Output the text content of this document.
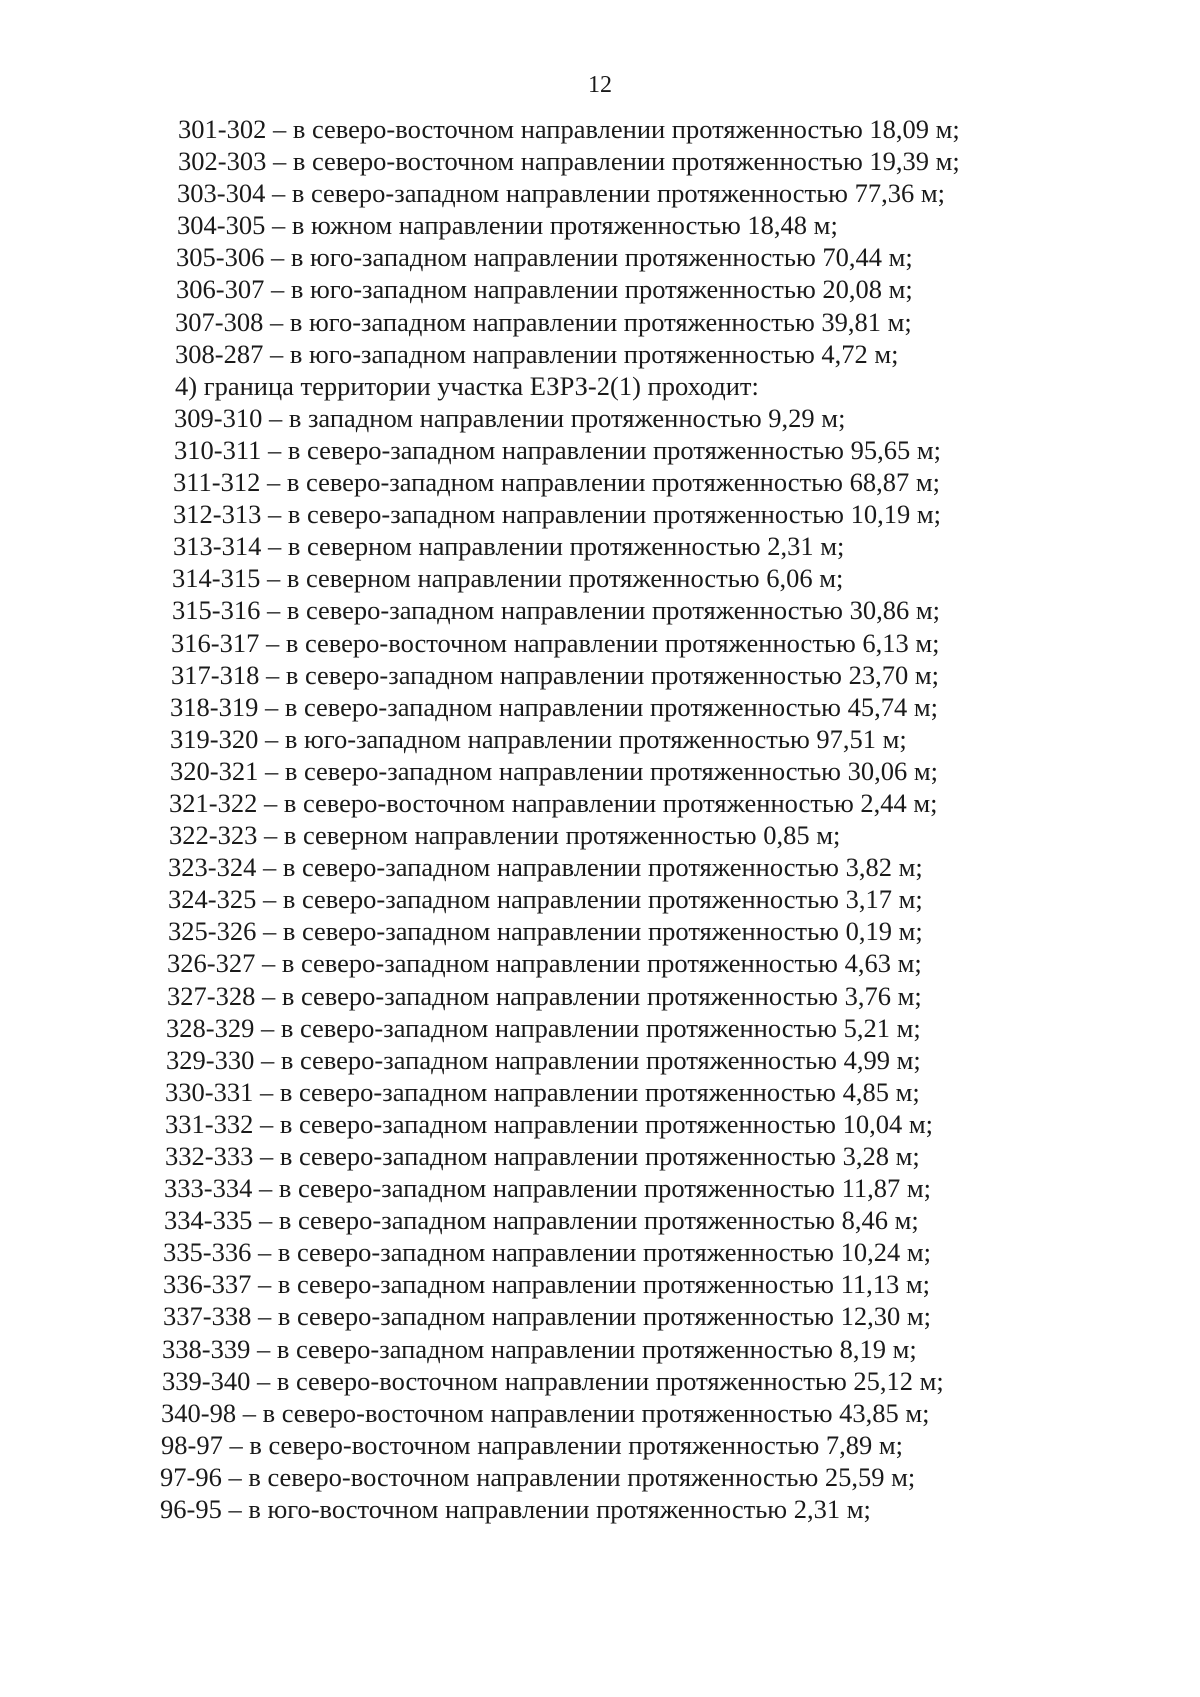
12
301-302 – в северо-восточном направлении протяженностью 18,09 м;
302-303 – в северо-восточном направлении протяженностью 19,39 м;
303-304 – в северо-западном направлении протяженностью 77,36 м;
304-305 – в южном направлении протяженностью 18,48 м;
305-306 – в юго-западном направлении протяженностью 70,44 м;
306-307 – в юго-западном направлении протяженностью 20,08 м;
307-308 – в юго-западном направлении протяженностью 39,81 м;
308-287 – в юго-западном направлении протяженностью 4,72 м;
4) граница территории участка ЕЗРЗ-2(1) проходит:
309-310 – в западном направлении протяженностью 9,29 м;
310-311 – в северо-западном направлении протяженностью 95,65 м;
311-312 – в северо-западном направлении протяженностью 68,87 м;
312-313 – в северо-западном направлении протяженностью 10,19 м;
313-314 – в северном направлении протяженностью 2,31 м;
314-315 – в северном направлении протяженностью 6,06 м;
315-316 – в северо-западном направлении протяженностью 30,86 м;
316-317 – в северо-восточном направлении протяженностью 6,13 м;
317-318 – в северо-западном направлении протяженностью 23,70 м;
318-319 – в северо-западном направлении протяженностью 45,74 м;
319-320 – в юго-западном направлении протяженностью 97,51 м;
320-321 – в северо-западном направлении протяженностью 30,06 м;
321-322 – в северо-восточном направлении протяженностью 2,44 м;
322-323 – в северном направлении протяженностью 0,85 м;
323-324 – в северо-западном направлении протяженностью 3,82 м;
324-325 – в северо-западном направлении протяженностью 3,17 м;
325-326 – в северо-западном направлении протяженностью 0,19 м;
326-327 – в северо-западном направлении протяженностью 4,63 м;
327-328 – в северо-западном направлении протяженностью 3,76 м;
328-329 – в северо-западном направлении протяженностью 5,21 м;
329-330 – в северо-западном направлении протяженностью 4,99 м;
330-331 – в северо-западном направлении протяженностью 4,85 м;
331-332 – в северо-западном направлении протяженностью 10,04 м;
332-333 – в северо-западном направлении протяженностью 3,28 м;
333-334 – в северо-западном направлении протяженностью 11,87 м;
334-335 – в северо-западном направлении протяженностью 8,46 м;
335-336 – в северо-западном направлении протяженностью 10,24 м;
336-337 – в северо-западном направлении протяженностью 11,13 м;
337-338 – в северо-западном направлении протяженностью 12,30 м;
338-339 – в северо-западном направлении протяженностью 8,19 м;
339-340 – в северо-восточном направлении протяженностью 25,12 м;
340-98 – в северо-восточном направлении протяженностью 43,85 м;
98-97 – в северо-восточном направлении протяженностью 7,89 м;
97-96 – в северо-восточном направлении протяженностью 25,59 м;
96-95 – в юго-восточном направлении протяженностью 2,31 м;
